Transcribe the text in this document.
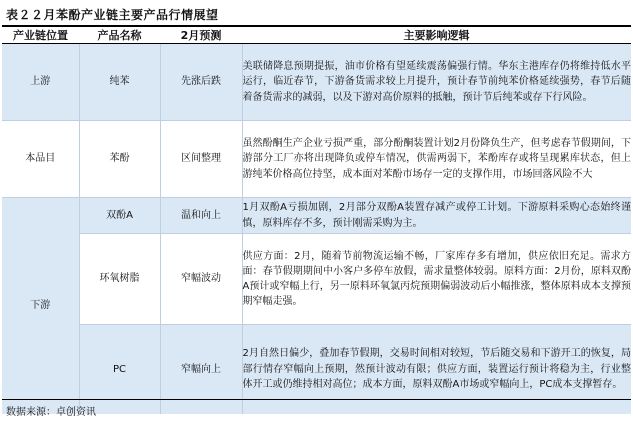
表２２月苯酚产业链主要产品行情展望
产业链位置	产品名称	2月预测	主要影响逻辑
上游	纯苯	先涨后跌	美联储降息预期提振，油市价格有望延续震荡偏强行情。华东主港库存仍将维持低水平运行，临近春节，下游备货需求较上月提升，预计春节前纯苯价格延续强势，春节后随着备货需求的减弱，以及下游对高价原料的抵触，预计节后纯苯或存下行风险。
本品目	苯酚	区间整理	虽然酚酮生产企业亏损严重，部分酚酮装置计划2月份降负生产，但考虑春节假期间，下游部分工厂亦将出现降负或停车情况，供需两弱下，苯酚库存或将呈现累库状态，但上游纯苯价格高位持坚，成本面对苯酚市场存一定的支撑作用，市场回落风险不大
下游	双酚A	温和向上	1月双酚A亏损加剧，2月部分双酚A装置存减产或停工计划。下游原料采购心态始终谨慎，原料库存不多，预计刚需采购为主。
	环氧树脂	窄幅波动	供应方面：2月，随着节前物流运输不畅，厂家库存多有增加，供应依旧充足。需求方面：春节假期期间中小客户多停车放假，需求量整体较弱。原料方面：2月份，原料双酚A预计或窄幅上行，另一原料环氧氯丙烷预期偏弱波动后小幅推涨，整体原料成本支撑预期窄幅走强。
	PC	窄幅向上	2月自然日偏少，叠加春节假期，交易时间相对较短，节后随交易和下游开工的恢复，局部行情存窄幅向上预期，然预计波动有限；供应方面，装置运行预计将稳为主，行业整体开工或仍维持相对高位；成本方面，原料双酚A市场或窄幅向上，PC成本支撑暂存。
数据来源：卓创资讯
